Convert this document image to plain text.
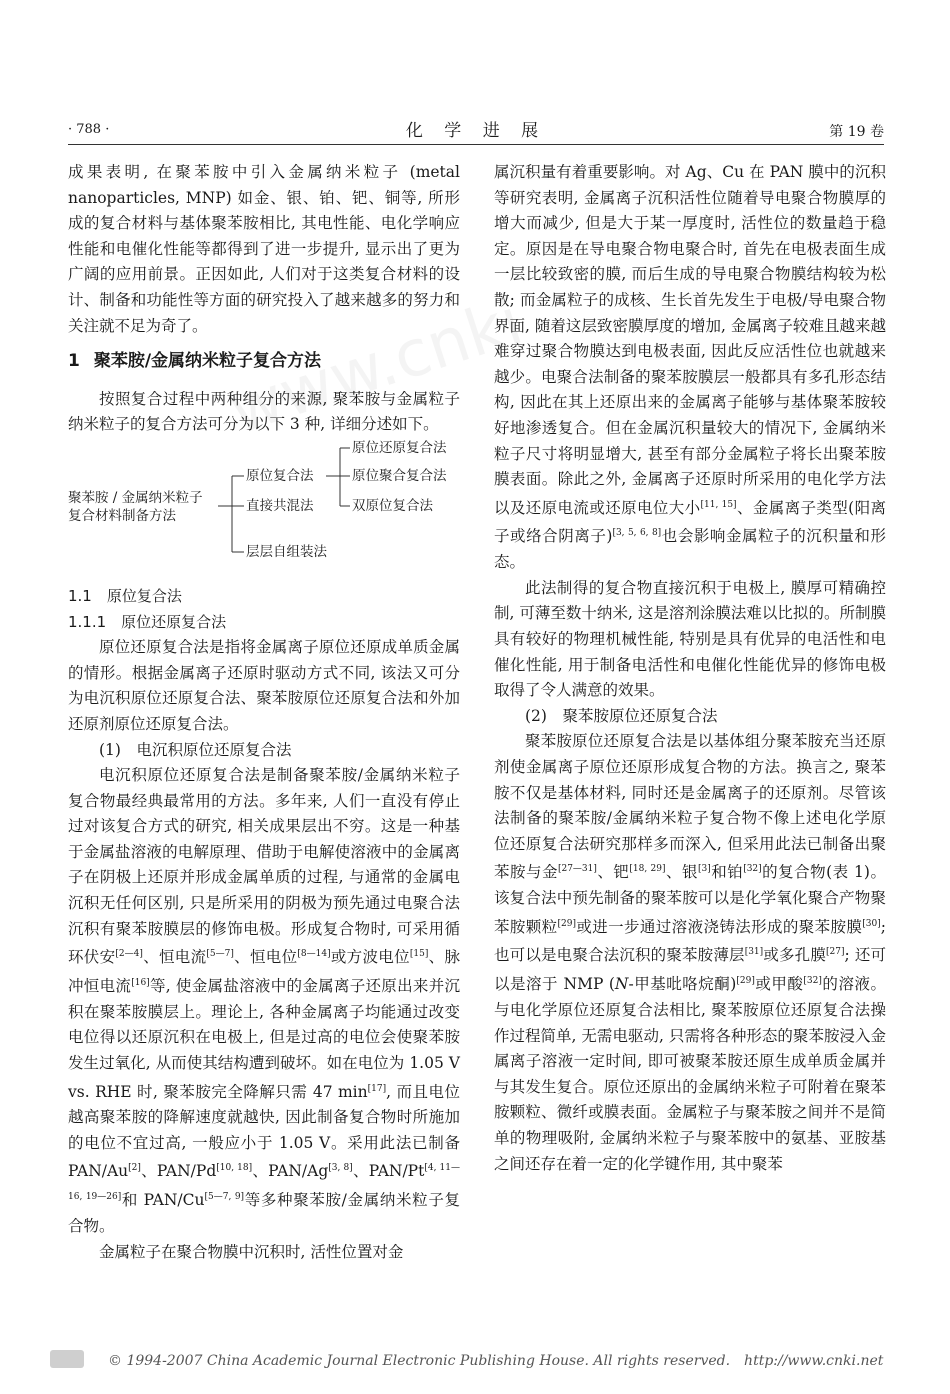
· 788 ·	化 学 进 展	第 19 卷

成果表明, 在聚苯胺中引入金属纳米粒子 (metal nanoparticles, MNP) 如金、银、铂、钯、铜等, 所形成的复合材料与基体聚苯胺相比, 其电性能、电化学响应性能和电催化性能等都得到了进一步提升, 显示出了更为广阔的应用前景。正因如此, 人们对于这类复合材料的设计、制备和功能性等方面的研究投入了越来越多的努力和关注就不足为奇了。

1 聚苯胺/金属纳米粒子复合方法

按照复合过程中两种组分的来源, 聚苯胺与金属粒子纳米粒子的复合方法可分为以下 3 种, 详细分述如下。

聚苯胺 / 金属纳米粒子
复合材料制备方法
原位复合法
直接共混法
层层自组装法
原位还原复合法
原位聚合复合法
双原位复合法

1.1　原位复合法

1.1.1　原位还原复合法

原位还原复合法是指将金属离子原位还原成单质金属的情形。根据金属离子还原时驱动方式不同, 该法又可分为电沉积原位还原复合法、聚苯胺原位还原复合法和外加还原剂原位还原复合法。

(1)　电沉积原位还原复合法

电沉积原位还原复合法是制备聚苯胺/金属纳米粒子复合物最经典最常用的方法。多年来, 人们一直没有停止过对该复合方式的研究, 相关成果层出不穷。这是一种基于金属盐溶液的电解原理、借助于电解使溶液中的金属离子在阴极上还原并形成金属单质的过程, 与通常的金属电沉积无任何区别, 只是所采用的阴极为预先通过电聚合法沉积有聚苯胺膜层的修饰电极。形成复合物时, 可采用循环伏安[2—4]、恒电流[5—7]、恒电位[8—14]或方波电位[15]、脉冲恒电流[16]等, 使金属盐溶液中的金属离子还原出来并沉积在聚苯胺膜层上。理论上, 各种金属离子均能通过改变电位得以还原沉积在电极上, 但是过高的电位会使聚苯胺发生过氧化, 从而使其结构遭到破坏。如在电位为 1.05 V vs. RHE 时, 聚苯胺完全降解只需 47 min[17], 而且电位越高聚苯胺的降解速度就越快, 因此制备复合物时所施加的电位不宜过高, 一般应小于 1.05 V。采用此法已制备PAN/Au[2]、PAN/Pd[10, 18]、PAN/Ag[3, 8]、PAN/Pt[4, 11—16, 19—26]和 PAN/Cu[5—7, 9]等多种聚苯胺/金属纳米粒子复合物。

金属粒子在聚合物膜中沉积时, 活性位置对金

属沉积量有着重要影响。对 Ag、Cu 在 PAN 膜中的沉积等研究表明, 金属离子沉积活性位随着导电聚合物膜厚的增大而减少, 但是大于某一厚度时, 活性位的数量趋于稳定。原因是在导电聚合物电聚合时, 首先在电极表面生成一层比较致密的膜, 而后生成的导电聚合物膜结构较为松散; 而金属粒子的成核、生长首先发生于电极/导电聚合物界面, 随着这层致密膜厚度的增加, 金属离子较难且越来越难穿过聚合物膜达到电极表面, 因此反应活性位也就越来越少。电聚合法制备的聚苯胺膜层一般都具有多孔形态结构, 因此在其上还原出来的金属离子能够与基体聚苯胺较好地渗透复合。但在金属沉积量较大的情况下, 金属纳米粒子尺寸将明显增大, 甚至有部分金属粒子将长出聚苯胺膜表面。除此之外, 金属离子还原时所采用的电化学方法以及还原电流或还原电位大小[11, 15]、金属离子类型(阳离子或络合阴离子)[3, 5, 6, 8]也会影响金属粒子的沉积量和形态。

此法制得的复合物直接沉积于电极上, 膜厚可精确控制, 可薄至数十纳米, 这是溶剂涂膜法难以比拟的。所制膜具有较好的物理机械性能, 特别是具有优异的电活性和电催化性能, 用于制备电活性和电催化性能优异的修饰电极取得了令人满意的效果。

(2)　聚苯胺原位还原复合法

聚苯胺原位还原复合法是以基体组分聚苯胺充当还原剂使金属离子原位还原形成复合物的方法。换言之, 聚苯胺不仅是基体材料, 同时还是金属离子的还原剂。尽管该法制备的聚苯胺/金属纳米粒子复合物不像上述电化学原位还原复合法研究那样多而深入, 但采用此法已制备出聚苯胺与金[27—31]、钯[18, 29]、银[3]和铂[32]的复合物(表 1)。该复合法中预先制备的聚苯胺可以是化学氧化聚合产物聚苯胺颗粒[29]或进一步通过溶液浇铸法形成的聚苯胺膜[30]; 也可以是电聚合法沉积的聚苯胺薄层[31]或多孔膜[27]; 还可以是溶于 NMP (N-甲基吡咯烷酮)[29]或甲酸[32]的溶液。与电化学原位还原复合法相比, 聚苯胺原位还原复合法操作过程简单, 无需电驱动, 只需将各种形态的聚苯胺浸入金属离子溶液一定时间, 即可被聚苯胺还原生成单质金属并与其发生复合。原位还原出的金属纳米粒子可附着在聚苯胺颗粒、微纤或膜表面。金属粒子与聚苯胺之间并不是简单的物理吸附, 金属纳米粒子与聚苯胺中的氨基、亚胺基之间还存在着一定的化学键作用, 其中聚苯

© 1994-2007 China Academic Journal Electronic Publishing House. All rights reserved.　http://www.cnki.net
